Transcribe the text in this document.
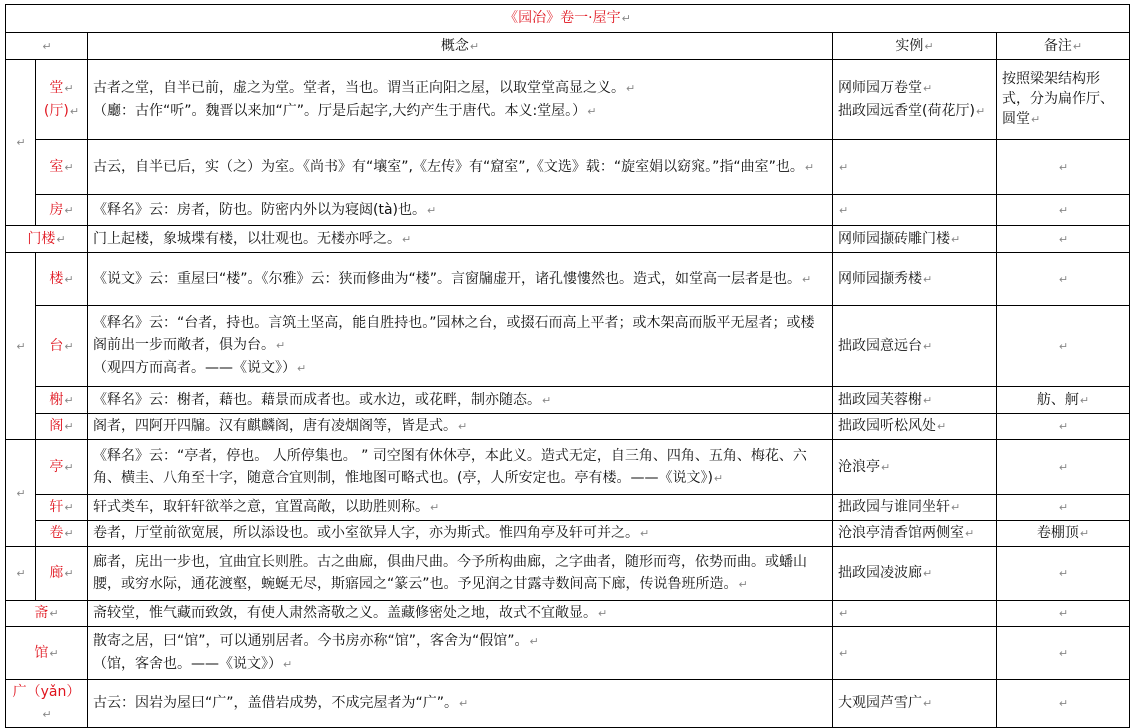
《园冶》卷一·屋宇↵				
↵		概念↵	实例↵	备注↵
↵	堂↵
(厅)↵	古者之堂，自半已前，虚之为堂。堂者，当也。谓当正向阳之屋，以取堂堂高显之义。↵
（廳：古作“听”。魏晋以来加“广”。厅是后起字,大约产生于唐代。本义:堂屋。）↵	网师园万卷堂↵
拙政园远香堂(荷花厅)↵	按照梁架结构形式，分为扁作厅、圆堂↵
	室↵	古云，自半已后，实（之）为室。《尚书》有“壤室”,《左传》有“窟室”,《文选》载：“旋室娟以窈窕。”指“曲室”也。↵	↵	↵
	房↵	《释名》云：房者，防也。防密内外以为寝闼(tà)也。↵	↵	↵
门楼↵		门上起楼，象城堞有楼，以壮观也。无楼亦呼之。↵	网师园撷砖雕门楼↵	↵
↵	楼↵	《说文》云：重屋曰“楼”。《尔雅》云：狭而修曲为“楼”。言窗牖虚开，诸孔慺慺然也。造式，如堂高一层者是也。↵	网师园撷秀楼↵	↵
	台↵	《释名》云：“台者，持也。言筑土坚高，能自胜持也。”园林之台，或掇石而高上平者；或木架高而版平无屋者；或楼阁前出一步而敞者，俱为台。↵
（观四方而高者。——《说文》）↵	拙政园意远台↵	↵
	榭↵	《释名》云：榭者，藉也。藉景而成者也。或水边，或花畔，制亦随态。↵	拙政园芙蓉榭↵	舫、舸↵
	阁↵	阁者，四阿开四牖。汉有麒麟阁，唐有凌烟阁等，皆是式。↵	拙政园听松风处↵	↵
↵	亭↵	《释名》云：“亭者，停也。 人所停集也。 ” 司空图有休休亭，本此义。造式无定，自三角、四角、五角、梅花、六角、横圭、八角至十字，随意合宜则制，惟地图可略式也。(亭，人所安定也。亭有楼。——《说文》)↵	沧浪亭↵	↵
	轩↵	轩式类车，取轩轩欲举之意，宜置高敞，以助胜则称。↵	拙政园与谁同坐轩↵	↵
	卷↵	卷者，厅堂前欲宽展，所以添设也。或小室欲异人字，亦为斯式。惟四角亭及轩可并之。↵	沧浪亭清香馆两侧室↵	卷棚顶↵
↵	廊↵	廊者，庑出一步也，宜曲宜长则胜。古之曲廊，俱曲尺曲。今予所构曲廊，之字曲者，随形而弯，依势而曲。或蟠山腰，或穷水际，通花渡壑，蜿蜒无尽，斯寤园之“篆云”也。予见润之甘露寺数间高下廊，传说鲁班所造。↵	拙政园凌波廊↵	↵
斋↵		斋较堂，惟气藏而致敛，有使人肃然斋敬之义。盖藏修密处之地，故式不宜敞显。↵	↵	↵
馆↵		散寄之居，曰“馆”，可以通别居者。今书房亦称“馆”，客舍为“假馆”。↵
（馆，客舍也。——《说文》）↵	↵	↵
广（yǎn）↵		古云：因岩为屋曰“广”，盖借岩成势，不成完屋者为“广”。↵	大观园芦雪广↵	↵
